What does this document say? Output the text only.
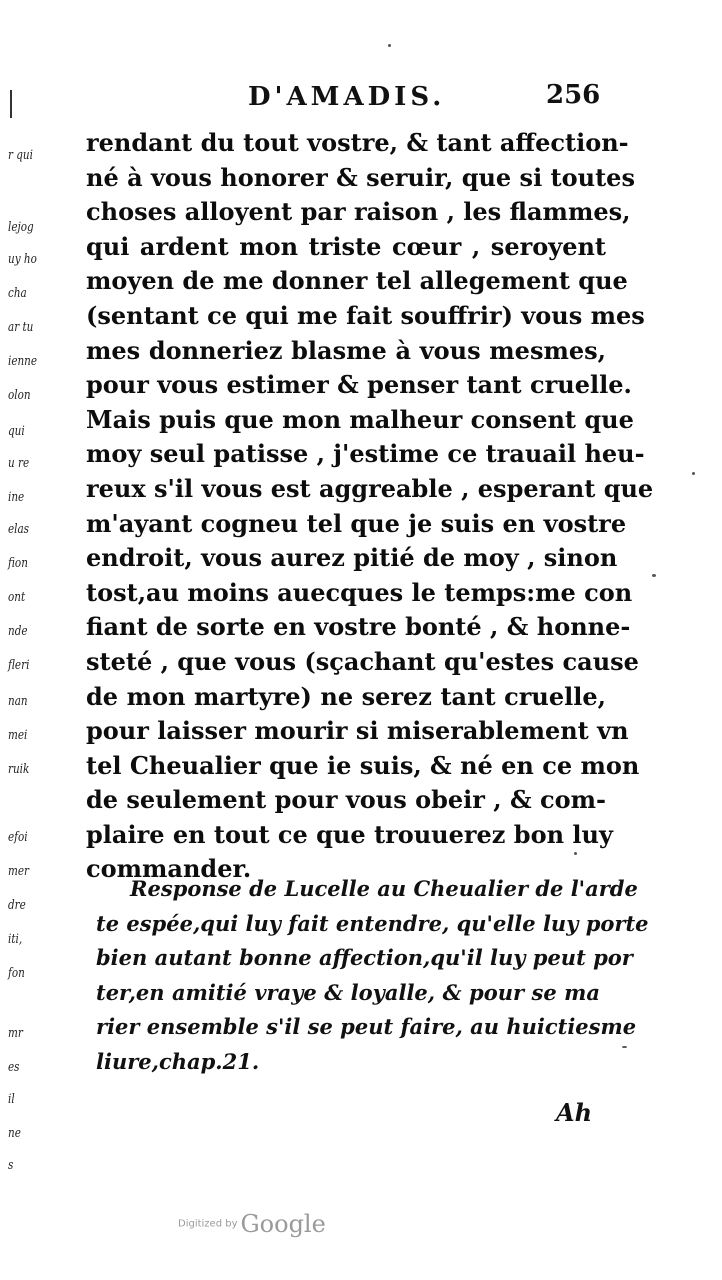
r qui
lejog
uy ho
cha
ar tu
ienne
olon
qui
u re
ine
elas
fion
ont
nde
fleri
nan
mei
ruik
efoi
mer
dre
iti,
fon
mr
es
il
ne
s
D'AMADIS.	256
rendant du tout vostre, & tant affection-
né à vous honorer & seruir, que si toutes
choses alloyent par raison , les flammes,
qui ardent mon triste cœur , seroyent
moyen de me donner tel allegement que
(sentant ce qui me fait souffrir) vous mes
mes donneriez blasme à vous mesmes,
pour vous estimer & penser tant cruelle.
Mais puis que mon malheur consent que
moy seul patisse , j'estime ce trauail heu-
reux s'il vous est aggreable , esperant que
m'ayant cogneu tel que je suis en vostre
endroit, vous aurez pitié de moy , sinon
tost,au moins auecques le temps:me con
fiant de sorte en vostre bonté , & honne-
steté , que vous (sçachant qu'estes cause
de mon martyre) ne serez tant cruelle,
pour laisser mourir si miserablement vn
tel Cheualier que ie suis, & né en ce mon
de seulement pour vous obeir , & com-
plaire en tout ce que trouuerez bon luy
commander.
Response de Lucelle au Cheualier de l'arde
te espée,qui luy fait entendre, qu'elle luy porte
bien autant bonne affection,qu'il luy peut por
ter,en amitié vraye & loyalle, & pour se ma
rier ensemble s'il se peut faire, au huictiesme
liure,chap.21.
Ah
Digitized by Google
